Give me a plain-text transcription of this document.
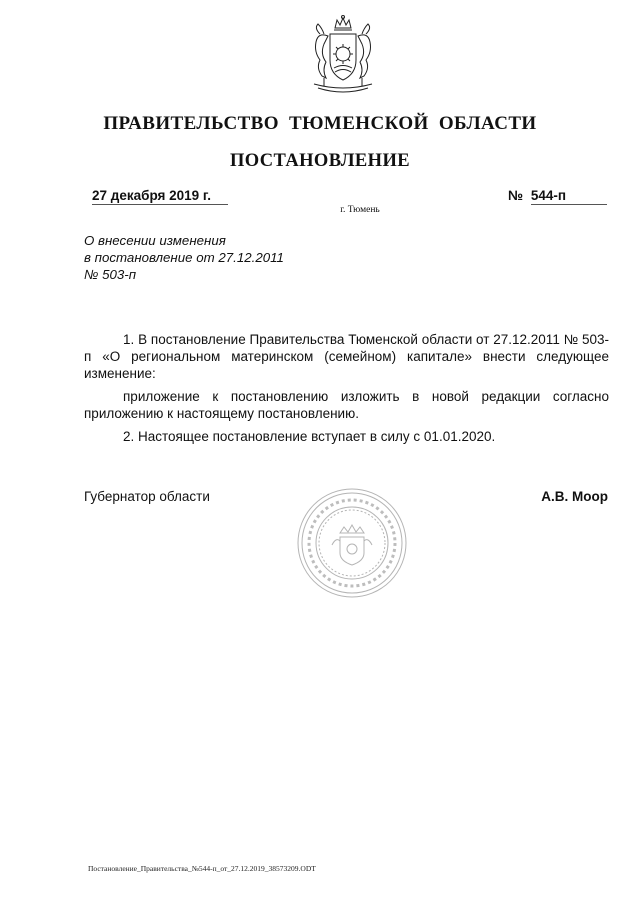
ПРАВИТЕЛЬСТВО ТЮМЕНСКОЙ ОБЛАСТИ
ПОСТАНОВЛЕНИЕ
27 декабря 2019 г.	№ 544-п
г. Тюмень
О внесении изменения
в постановление от 27.12.2011
№ 503-п

1. В постановление Правительства Тюменской области от 27.12.2011 № 503-п «О региональном материнском (семейном) капитале» внести следующее изменение:

приложение к постановлению изложить в новой редакции согласно приложению к настоящему постановлению.

2. Настоящее постановление вступает в силу с 01.01.2020.

Губернатор области	А.В. Моор
Постановление_Правительства_№544-п_от_27.12.2019_38573209.ODT
